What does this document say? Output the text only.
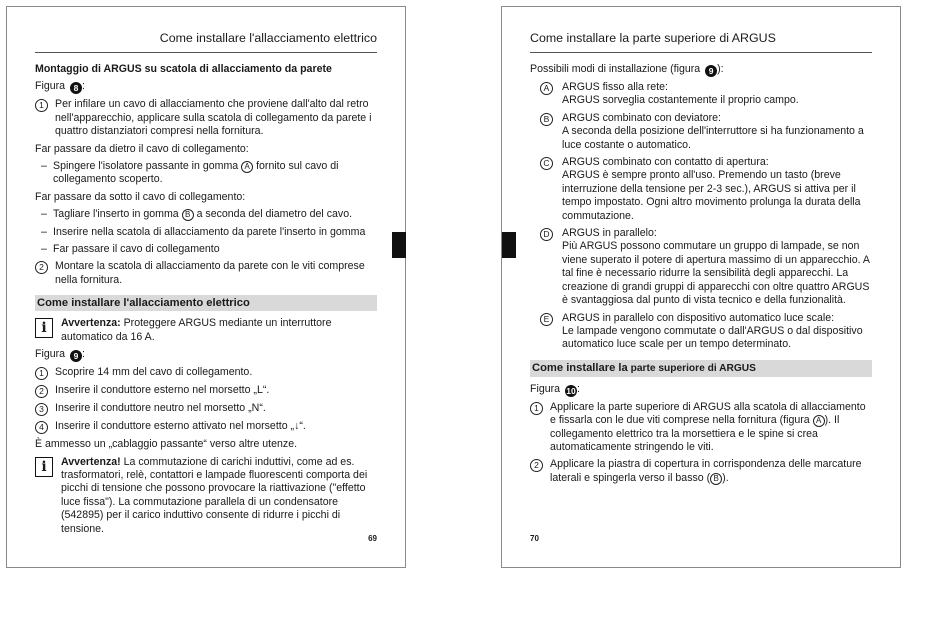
Come installare l'allacciamento elettrico
Montaggio di ARGUS su scatola di allacciamento da parete

Figura 8 :

1	Per infilare un cavo di allacciamento che proviene dall'alto dal retro nell'apparecchio, applicare sulla scatola di collegamento da parete i quattro distanziatori compresi nella fornitura.

Far passare da dietro il cavo di collegamento:

– Spingere l'isolatore passante in gomma A fornito sul cavo di collegamento scoperto.

Far passare da sotto il cavo di collegamento:

– Tagliare l'inserto in gomma B a seconda del diametro del cavo.
– Inserire nella scatola di allacciamento da parete l'inserto in gomma
– Far passare il cavo di collegamento
2	Montare la scatola di allacciamento da parete con le viti comprese nella fornitura.
Come installare l'allacciamento elettrico
i	Avvertenza: Proteggere ARGUS mediante un interruttore automatico da 16 A.

Figura 9 :

1	Scoprire 14 mm del cavo di collegamento.
2	Inserire il conduttore esterno nel morsetto „L“.
3	Inserire il conduttore neutro nel morsetto „N“.
4	Inserire il conduttore esterno attivato nel morsetto „↓“.

È ammesso un „cablaggio passante“ verso altre utenze.

i	Avvertenza! La commutazione di carichi induttivi, come ad es. trasformatori, relè, contattori e lampade fluorescenti comporta dei picchi di tensione che possono provocare la riattivazione ("effetto luce fissa"). La commutazione parallela di un condensatore (542895) per il carico induttivo consente di ridurre i picchi di tensione.
69
Come installare la parte superiore di ARGUS

Possibili modi di installazione (figura 9 ):

A	ARGUS fisso alla rete:
ARGUS sorveglia costantemente il proprio campo.
B	ARGUS combinato con deviatore:
A seconda della posizione dell'interruttore si ha funzionamento a luce costante o automatico.
C	ARGUS combinato con contatto di apertura:
ARGUS è sempre pronto all'uso. Premendo un tasto (breve interruzione della tensione per 2-3 sec.), ARGUS si attiva per il tempo impostato. Ogni altro movimento prolunga la durata della commutazione.
D	ARGUS in parallelo:
Più ARGUS possono commutare un gruppo di lampade, se non viene superato il potere di apertura massimo di un apparecchio. A tal fine è necessario ridurre la sensibilità degli apparecchi. La creazione di grandi gruppi di apparecchi con oltre quattro ARGUS è svantaggiosa dal punto di vista tecnico e della funzionalità.
E	ARGUS in parallelo con dispositivo automatico luce scale:
Le lampade vengono commutate o dall'ARGUS o dal dispositivo automatico luce scale per un tempo determinato.
Come installare la parte superiore di ARGUS

Figura 10:

1	Applicare la parte superiore di ARGUS alla scatola di allacciamento e fissarla con le due viti comprese nella fornitura (figura A ). Il collegamento elettrico tra la morsettiera e le spine si crea automaticamente stringendo le viti.
2	Applicare la piastra di copertura in corrispondenza delle marcature laterali e spingerla verso il basso ( B ).
70
